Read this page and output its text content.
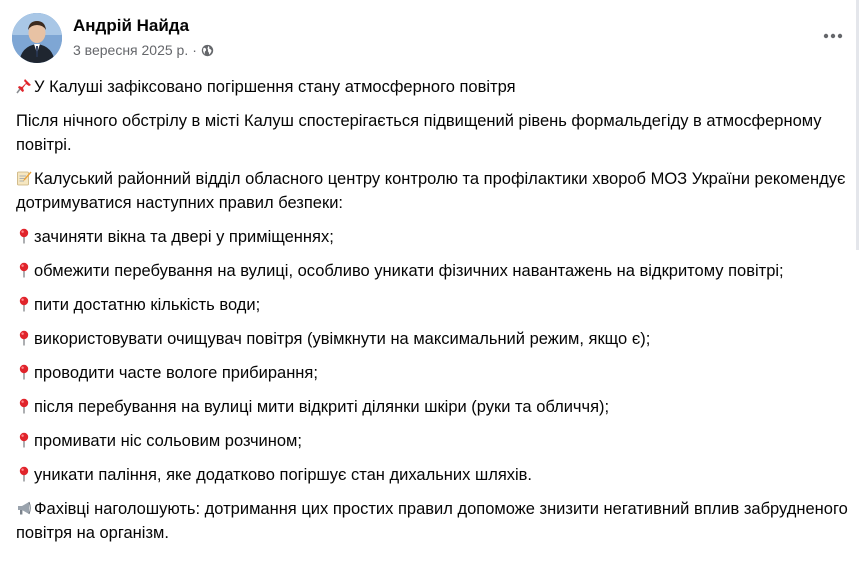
Андрій Найда
3 вересня 2025 р. ·

У Калуші зафіксовано погіршення стану атмосферного повітря

Після нічного обстрілу в місті Калуш спостерігається підвищений рівень формальдегіду в атмосферному повітрі.

Калуський районний відділ обласного центру контролю та профілактики хвороб МОЗ України рекомендує дотримуватися наступних правил безпеки:

зачиняти вікна та двері у приміщеннях;
обмежити перебування на вулиці, особливо уникати фізичних навантажень на відкритому повітрі;
пити достатню кількість води;
використовувати очищувач повітря (увімкнути на максимальний режим, якщо є);
проводити часте вологе прибирання;
після перебування на вулиці мити відкриті ділянки шкіри (руки та обличчя);
промивати ніс сольовим розчином;
уникати паління, яке додатково погіршує стан дихальних шляхів.

Фахівці наголошують: дотримання цих простих правил допоможе знизити негативний вплив забрудненого повітря на організм.
